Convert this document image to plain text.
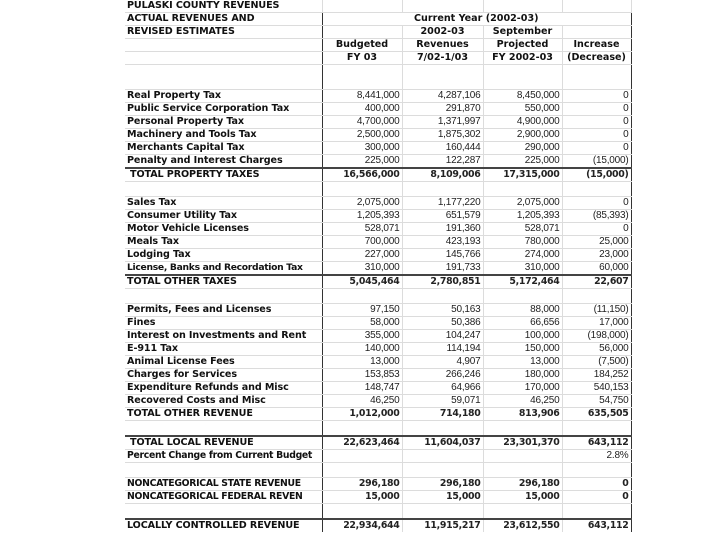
PULASKI COUNTY REVENUES				
ACTUAL REVENUES AND		Current Year (2002-03)		
REVISED ESTIMATES		2002-03	September	
	Budgeted	Revenues	Projected	Increase
	FY 03	7/02-1/03	FY 2002-03	(Decrease)

Real Property Tax	8,441,000	4,287,106	8,450,000	0
Public Service Corporation Tax	400,000	291,870	550,000	0
Personal Property Tax	4,700,000	1,371,997	4,900,000	0
Machinery and Tools Tax	2,500,000	1,875,302	2,900,000	0
Merchants Capital Tax	300,000	160,444	290,000	0
Penalty and Interest Charges	225,000	122,287	225,000	(15,000)
TOTAL PROPERTY TAXES	16,566,000	8,109,006	17,315,000	(15,000)

Sales Tax	2,075,000	1,177,220	2,075,000	0
Consumer Utility Tax	1,205,393	651,579	1,205,393	(85,393)
Motor Vehicle Licenses	528,071	191,360	528,071	0
Meals Tax	700,000	423,193	780,000	25,000
Lodging Tax	227,000	145,766	274,000	23,000
License, Banks and Recordation Tax	310,000	191,733	310,000	60,000
TOTAL OTHER TAXES	5,045,464	2,780,851	5,172,464	22,607

Permits, Fees and Licenses	97,150	50,163	88,000	(11,150)
Fines	58,000	50,386	66,656	17,000
Interest on Investments and Rent	355,000	104,247	100,000	(198,000)
E-911 Tax	140,000	114,194	150,000	56,000
Animal License Fees	13,000	4,907	13,000	(7,500)
Charges for Services	153,853	266,246	180,000	184,252
Expenditure Refunds and Misc	148,747	64,966	170,000	540,153
Recovered Costs and Misc	46,250	59,071	46,250	54,750
TOTAL OTHER REVENUE	1,012,000	714,180	813,906	635,505

TOTAL LOCAL REVENUE	22,623,464	11,604,037	23,301,370	643,112
Percent Change from Current Budget				2.8%

NONCATEGORICAL STATE REVENUE	296,180	296,180	296,180	0
NONCATEGORICAL FEDERAL REVEN	15,000	15,000	15,000	0

LOCALLY CONTROLLED REVENUE	22,934,644	11,915,217	23,612,550	643,112
